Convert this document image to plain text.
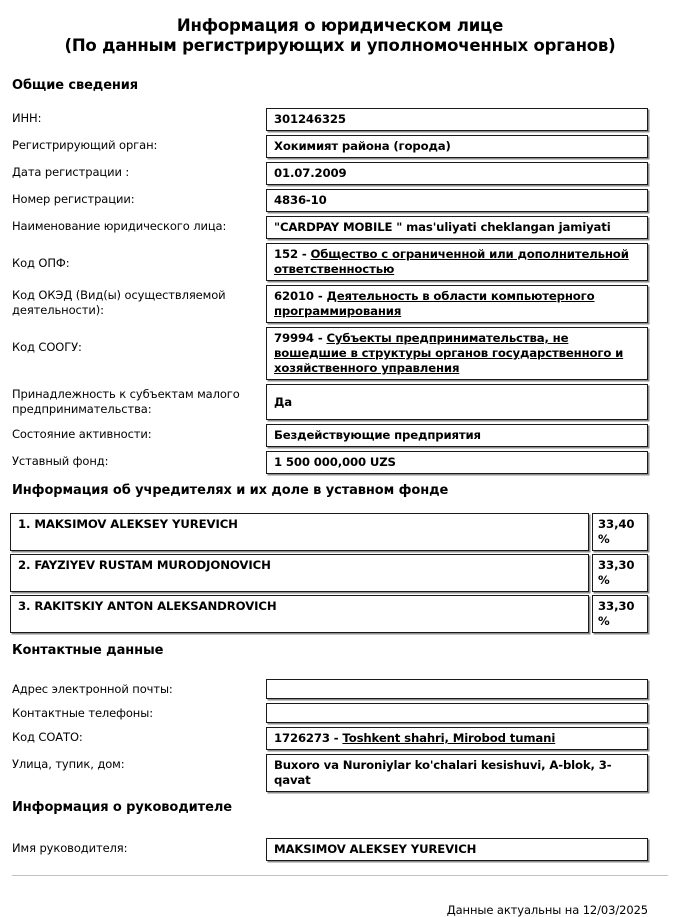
Информация о юридическом лице
(По данным регистрирующих и уполномоченных органов)
Общие сведения
ИНН:	301246325
Регистрирующий орган:	Хокимият района (города)
Дата регистрации :	01.07.2009
Номер регистрации:	4836-10
Наименование юридического лица:	"CARDPAY MOBILE " mas'uliyati cheklangan jamiyati
Код ОПФ:
152 - Общество с ограниченной или дополнительной ответственностью
Код ОКЭД (Вид(ы) осуществляемой
деятельности):
62010 - Деятельность в области компьютерного программирования
Код СООГУ:
79994 - Субъекты предпринимательства, не вошедшие в структуры органов государственного и хозяйственного управления
Принадлежность к субъектам малого
предпринимательства:	Да
Состояние активности:	Бездействующие предприятия
Уставный фонд:	1 500 000,000 UZS
Информация об учредителях и их доле в уставном фонде
1. MAKSIMOV ALEKSEY YUREVICH	33,40 %
2. FAYZIYEV RUSTAM MURODJONOVICH	33,30 %
3. RAKITSKIY ANTON ALEKSANDROVICH	33,30 %
Контактные данные
Адрес электронной почты:
Контактные телефоны:
Код СОАТО:	1726273 - Toshkent shahri, Mirobod tumani
Улица, тупик, дом:	Buxoro va Nuroniylar ko'chalari kesishuvi, A-blok, 3-qavat
Информация о руководителе
Имя руководителя:	MAKSIMOV ALEKSEY YUREVICH
Данные актуальны на 12/03/2025
